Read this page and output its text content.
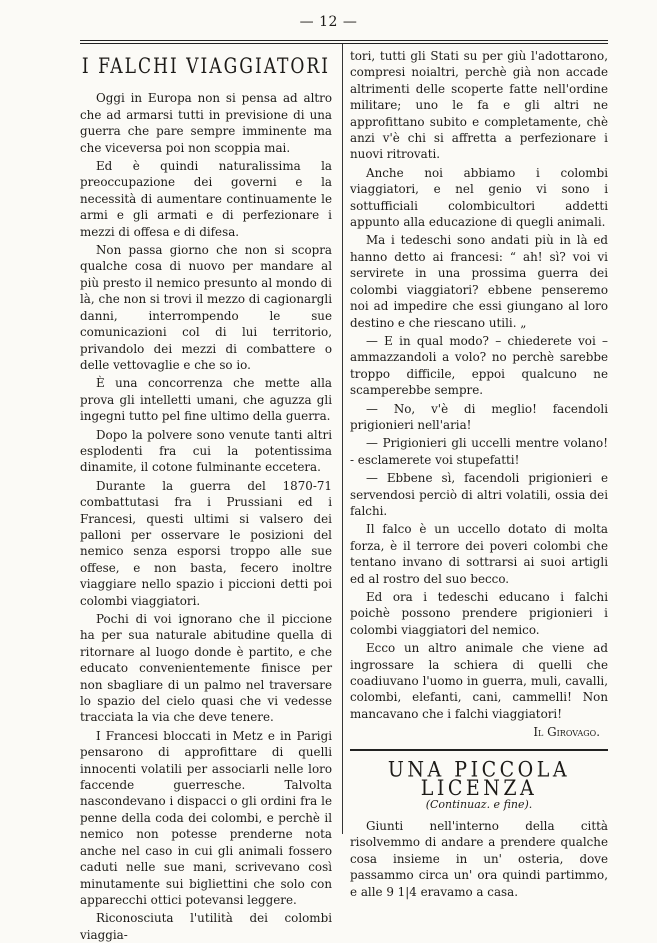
— 12 —
I FALCHI VIAGGIATORI

Oggi in Europa non si pensa ad altro che ad armarsi tutti in previsione di una guerra che pare sempre imminente ma che viceversa poi non scoppia mai.

Ed è quindi naturalissima la preoccupazione dei governi e la necessità di aumentare continuamente le armi e gli armati e di perfezionare i mezzi di offesa e di difesa.

Non passa giorno che non si scopra qualche cosa di nuovo per mandare al più presto il nemico presunto al mondo di là, che non si trovi il mezzo di cagionargli danni, interrompendo le sue comunicazioni col di lui territorio, privandolo dei mezzi di combattere o delle vettovaglie e che so io.

È una concorrenza che mette alla prova gli intelletti umani, che aguzza gli ingegni tutto pel fine ultimo della guerra.

Dopo la polvere sono venute tanti altri esplodenti fra cui la potentissima dinamite, il cotone fulminante eccetera.

Durante la guerra del 1870-71 combattutasi fra i Prussiani ed i Francesi, questi ultimi si valsero dei palloni per osservare le posizioni del nemico senza esporsi troppo alle sue offese, e non basta, fecero inoltre viaggiare nello spazio i piccioni detti poi colombi viaggiatori.

Pochi di voi ignorano che il piccione ha per sua naturale abitudine quella di ritornare al luogo donde è partito, e che educato convenientemente finisce per non sbagliare di un palmo nel traversare lo spazio del cielo quasi che vi vedesse tracciata la via che deve tenere.

I Francesi bloccati in Metz e in Parigi pensarono di approfittare di quelli innocenti volatili per associarli nelle loro faccende guerresche. Talvolta nascondevano i dispacci o gli ordini fra le penne della coda dei colombi, e perchè il nemico non potesse prenderne nota anche nel caso in cui gli animali fossero caduti nelle sue mani, scrivevano così minutamente sui bigliettini che solo con apparecchi ottici potevansi leggere.

Riconosciuta l'utilità dei colombi viaggia-

tori, tutti gli Stati su per giù l'adottarono, compresi noialtri, perchè già non accade altrimenti delle scoperte fatte nell'ordine militare; uno le fa e gli altri ne approfittano subito e completamente, chè anzi v'è chi si affretta a perfezionare i nuovi ritrovati.

Anche noi abbiamo i colombi viaggiatori, e nel genio vi sono i sottufficiali colombicultori addetti appunto alla educazione di quegli animali.

Ma i tedeschi sono andati più in là ed hanno detto ai francesi: “ ah! sì? voi vi servirete in una prossima guerra dei colombi viaggiatori? ebbene penseremo noi ad impedire che essi giungano al loro destino e che riescano utili. „

— E in qual modo? – chiederete voi – ammazzandoli a volo? no perchè sarebbe troppo difficile, eppoi qualcuno ne scamperebbe sempre.

— No, v'è di meglio! facendoli prigionieri nell'aria!

— Prigionieri gli uccelli mentre volano! - esclamerete voi stupefatti!

— Ebbene sì, facendoli prigionieri e servendosi perciò di altri volatili, ossia dei falchi.

Il falco è un uccello dotato di molta forza, è il terrore dei poveri colombi che tentano invano di sottrarsi ai suoi artigli ed al rostro del suo becco.

Ed ora i tedeschi educano i falchi poichè possono prendere prigionieri i colombi viaggiatori del nemico.

Ecco un altro animale che viene ad ingrossare la schiera di quelli che coadiuvano l'uomo in guerra, muli, cavalli, colombi, elefanti, cani, cammelli! Non mancavano che i falchi viaggiatori!

Il Girovago.
UNA PICCOLA LICENZA
(Continuaz. e fine).

Giunti nell'interno della città risolvemmo di andare a prendere qualche cosa insieme in un' osteria, dove passammo circa un' ora quindi partimmo, e alle 9 1|4 eravamo a casa.
